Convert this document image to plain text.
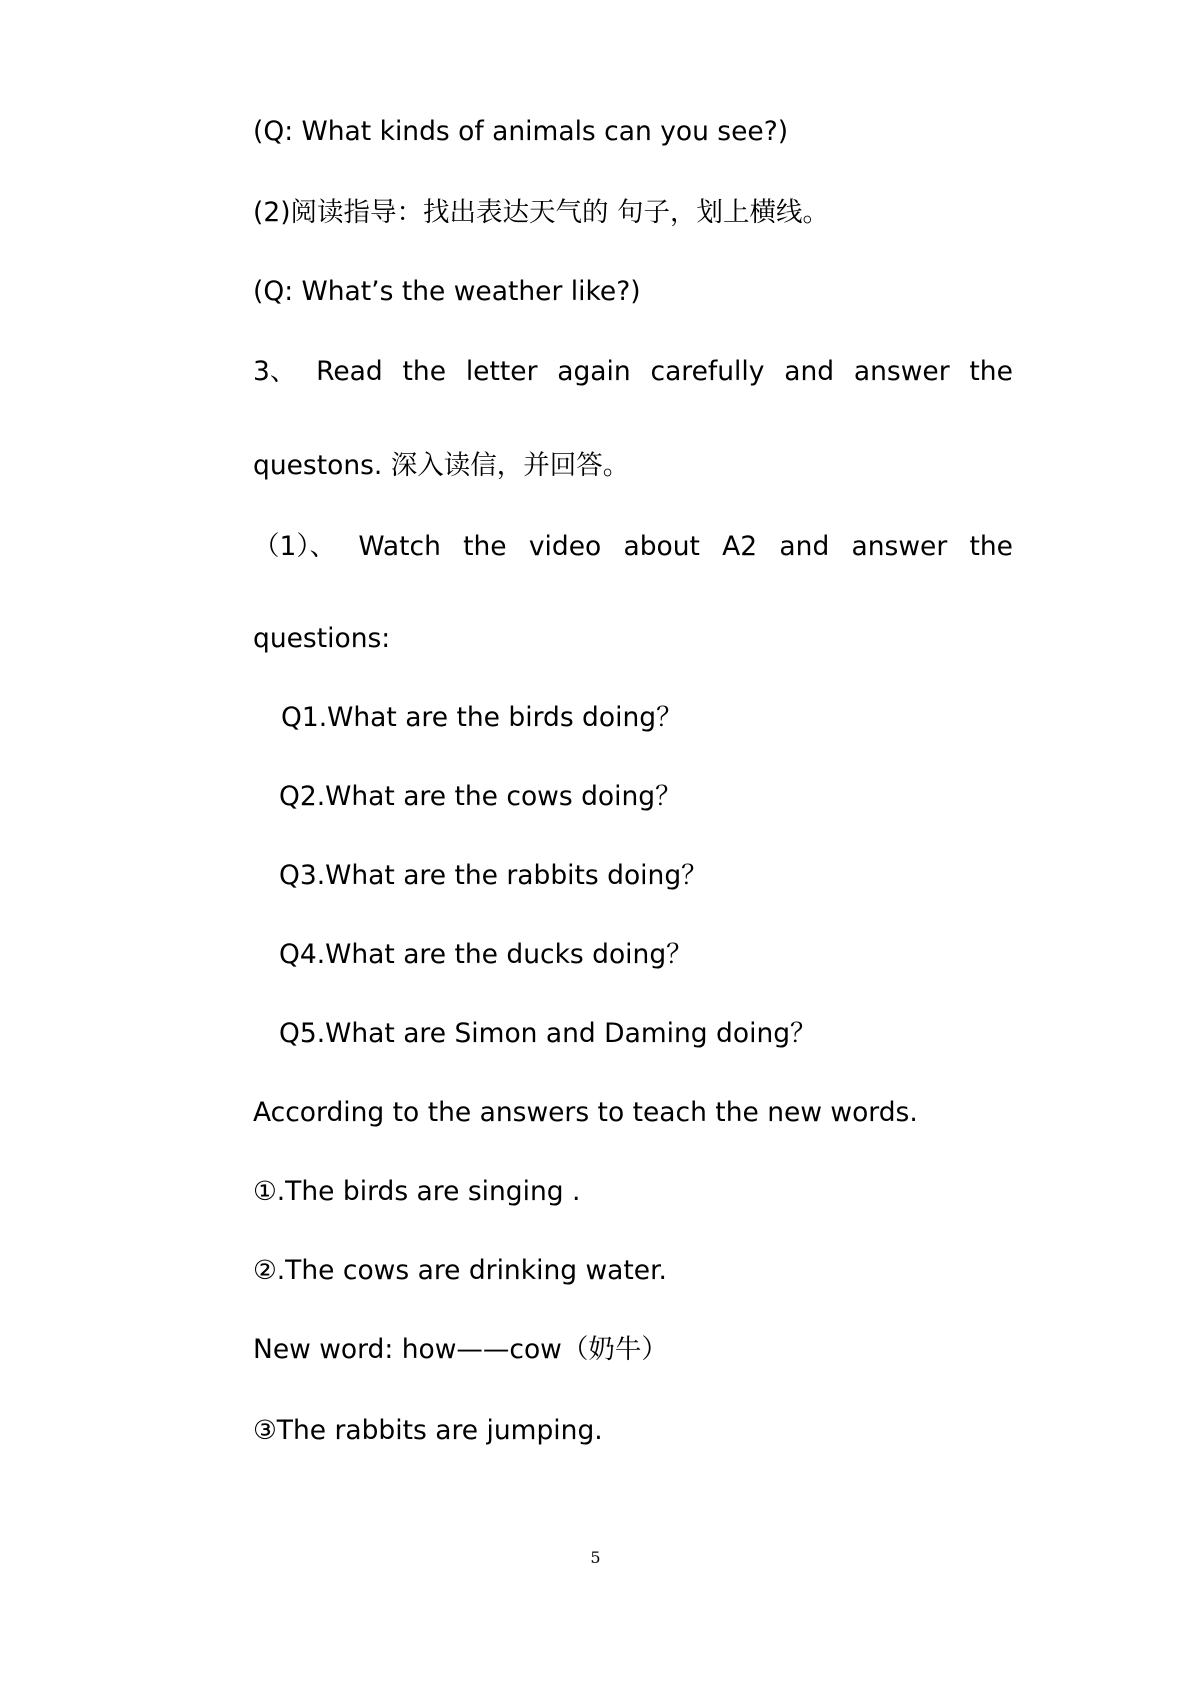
(Q: What kinds of animals can you see?)
(2)阅读指导：找出表达天气的 句子，划上横线。
(Q: What’s the weather like?)
3、 Read the letter again carefully and answer the
questons. 深入读信，并回答。
（1）、 Watch the video about A2 and answer the
questions:
Q1.What are the birds doing？
Q2.What are the cows doing？
Q3.What are the rabbits doing？
Q4.What are the ducks doing？
Q5.What are Simon and Daming doing？
According to the answers to teach the new words.
①.The birds are singing .
②.The cows are drinking water.
New word: how——cow（奶牛）
③The rabbits are jumping.
5
